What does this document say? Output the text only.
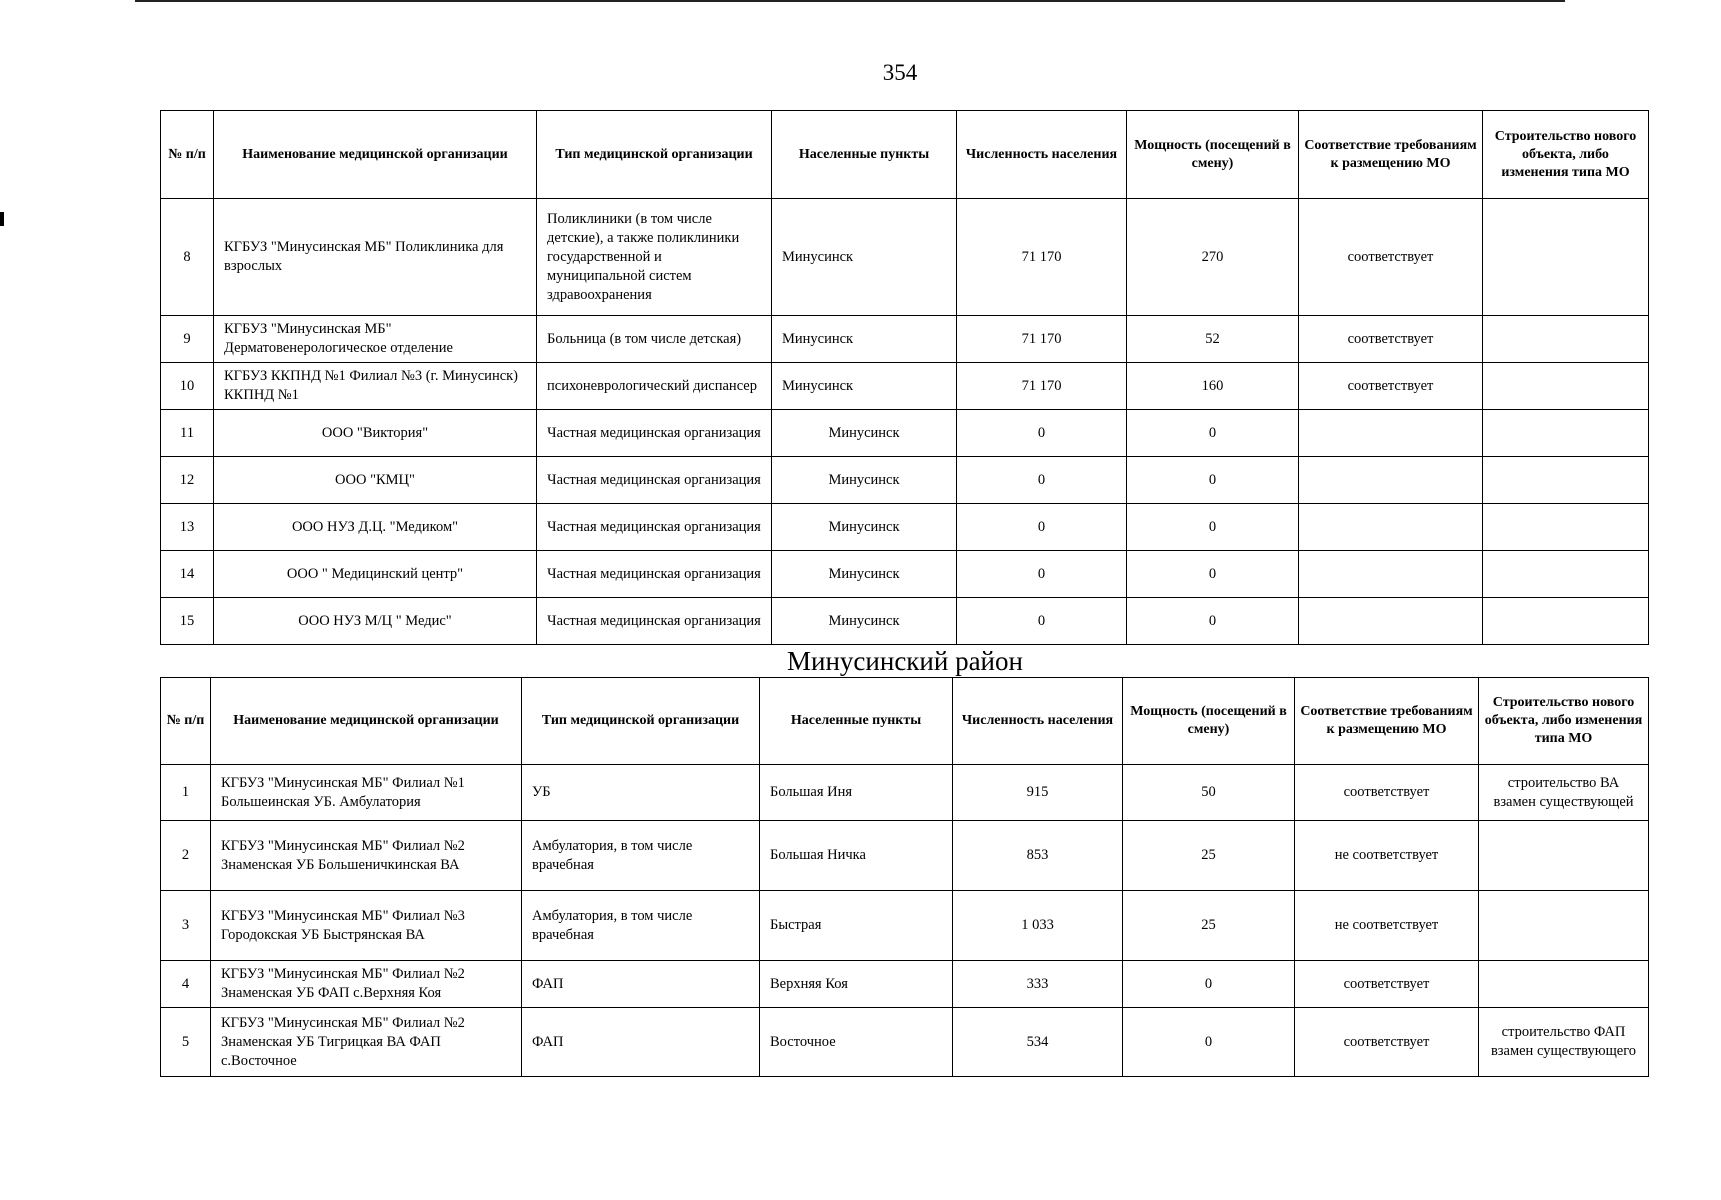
354
№ п/п	Наименование медицинской организации	Тип медицинской организации	Населенные пункты	Численность населения	Мощность (посещений в смену)	Соответствие требованиям к размещению МО	Строительство нового объекта, либо изменения типа МО
8	КГБУЗ "Минусинская МБ" Поликлиника для взрослых	Поликлиники (в том числе детские), а также поликлиники государственной и муниципальной систем здравоохранения	Минусинск	71 170	270	соответствует	
9	КГБУЗ "Минусинская МБ" Дерматовенерологическое отделение	Больница (в том числе детская)	Минусинск	71 170	52	соответствует	
10	КГБУЗ ККПНД №1 Филиал №3 (г. Минусинск) ККПНД №1	психоневрологический диспансер	Минусинск	71 170	160	соответствует	
11	ООО "Виктория"	Частная медицинская организация	Минусинск	0	0		
12	ООО "КМЦ"	Частная медицинская организация	Минусинск	0	0		
13	ООО НУЗ Д.Ц. "Медиком"	Частная медицинская организация	Минусинск	0	0		
14	ООО " Медицинский центр"	Частная медицинская организация	Минусинск	0	0		
15	ООО НУЗ М/Ц " Медис"	Частная медицинская организация	Минусинск	0	0		
Минусинский район
№ п/п	Наименование медицинской организации	Тип медицинской организации	Населенные пункты	Численность населения	Мощность (посещений в смену)	Соответствие требованиям к размещению МО	Строительство нового объекта, либо изменения типа МО
1	КГБУЗ "Минусинская МБ" Филиал №1 Большеинская УБ. Амбулатория	УБ	Большая Иня	915	50	соответствует	строительство ВА взамен существующей
2	КГБУЗ "Минусинская МБ" Филиал №2 Знаменская УБ Большеничкинская ВА	Амбулатория, в том числе врачебная	Большая Ничка	853	25	не соответствует	
3	КГБУЗ "Минусинская МБ" Филиал №3 Городокская УБ Быстрянская ВА	Амбулатория, в том числе врачебная	Быстрая	1 033	25	не соответствует	
4	КГБУЗ "Минусинская МБ" Филиал №2 Знаменская УБ ФАП с.Верхняя Коя	ФАП	Верхняя Коя	333	0	соответствует	
5	КГБУЗ "Минусинская МБ" Филиал №2 Знаменская УБ Тигрицкая ВА ФАП с.Восточное	ФАП	Восточное	534	0	соответствует	строительство ФАП взамен существующего
